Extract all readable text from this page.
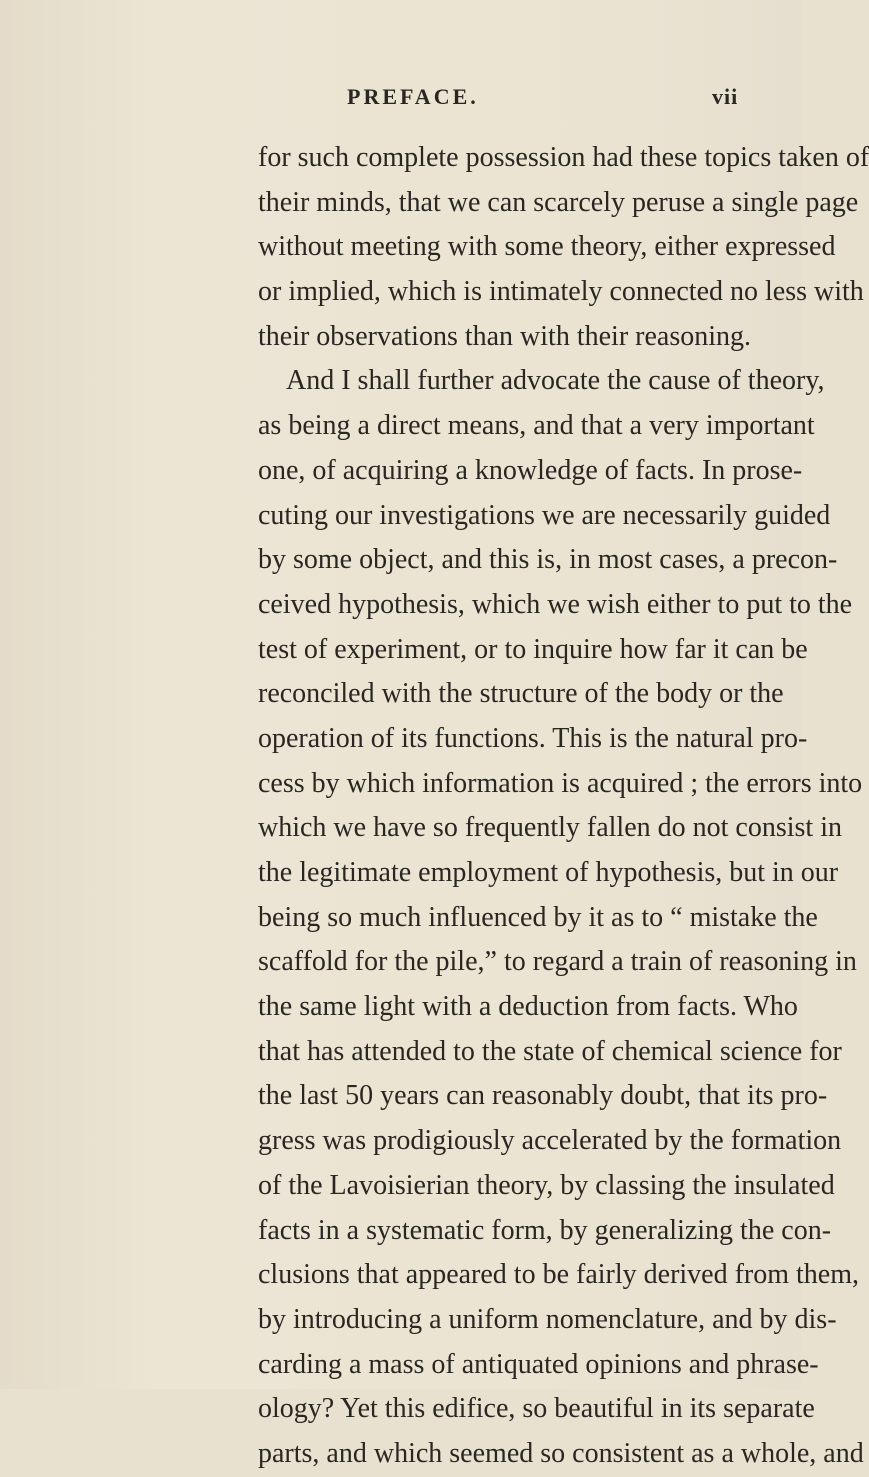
PREFACE.	vii
for such complete possession had these topics taken of
their minds, that we can scarcely peruse a single page
without meeting with some theory, either expressed
or implied, which is intimately connected no less with
their observations than with their reasoning.
And I shall further advocate the cause of theory,
as being a direct means, and that a very important
one, of acquiring a knowledge of facts. In prose-
cuting our investigations we are necessarily guided
by some object, and this is, in most cases, a precon-
ceived hypothesis, which we wish either to put to the
test of experiment, or to inquire how far it can be
reconciled with the structure of the body or the
operation of its functions. This is the natural pro-
cess by which information is acquired ; the errors into
which we have so frequently fallen do not consist in
the legitimate employment of hypothesis, but in our
being so much influenced by it as to “ mistake the
scaffold for the pile,” to regard a train of reasoning in
the same light with a deduction from facts. Who
that has attended to the state of chemical science for
the last 50 years can reasonably doubt, that its pro-
gress was prodigiously accelerated by the formation
of the Lavoisierian theory, by classing the insulated
facts in a systematic form, by generalizing the con-
clusions that appeared to be fairly derived from them,
by introducing a uniform nomenclature, and by dis-
carding a mass of antiquated opinions and phrase-
ology? Yet this edifice, so beautiful in its separate
parts, and which seemed so consistent as a whole, and
